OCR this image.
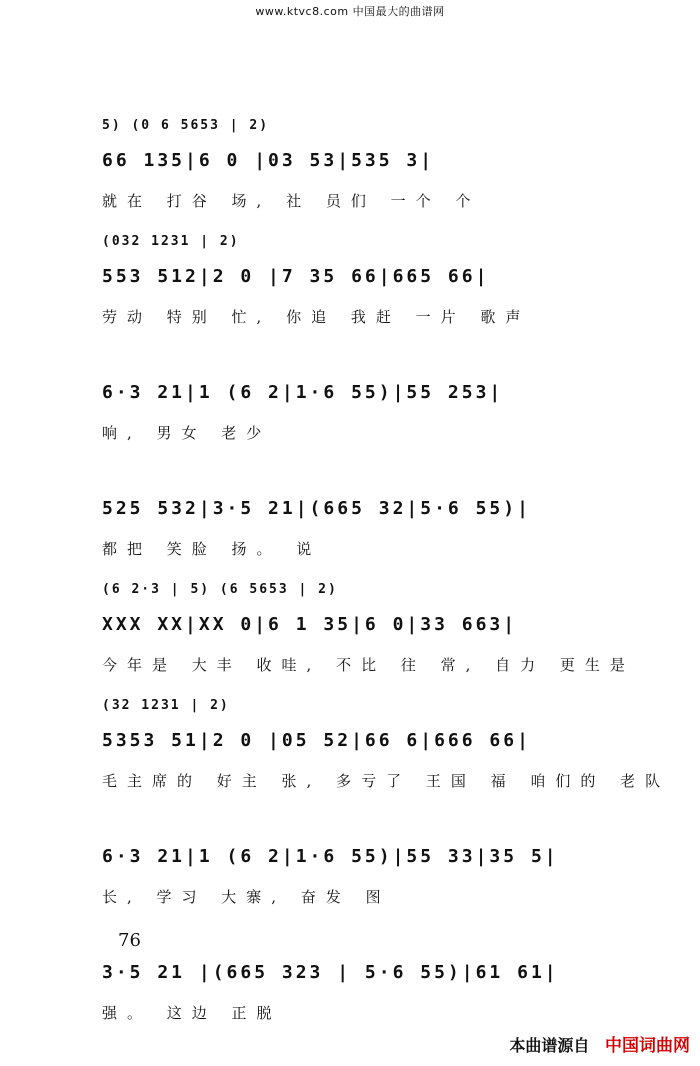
www.ktvc8.com 中国最大的曲谱网
5) (0 6 5653 | 2)
66 135|6 0 |03 53|535 3|
就在 打谷 场, 社 员们 一个 个
(032 1231 | 2)
553 512|2 0 |7 35 66|665 66|
劳动 特别 忙, 你追 我赶 一片 歌声
6·3 21|1 (6 2|1·6 55)|55 253|
响, 男女 老少
525 532|3·5 21|(665 32|5·6 55)|
都把 笑脸 扬。 说
(6 2·3 | 5) (6 5653 | 2)
XXX XX|XX 0|6 1 35|6 0|33 663|
今年是 大丰 收哇, 不比 往 常, 自力 更生是
(32 1231 | 2)
5353 51|2 0 |05 52|66 6|666 66|
毛主席的 好主 张, 多亏了 王国 福 咱们的 老队
6·3 21|1 (6 2|1·6 55)|55 33|35 5|
长, 学习 大寨, 奋发 图
3·5 21 |(665 323 | 5·6 55)|61 61|
强。 这边 正脱
76
本曲谱源自 中国词曲网
